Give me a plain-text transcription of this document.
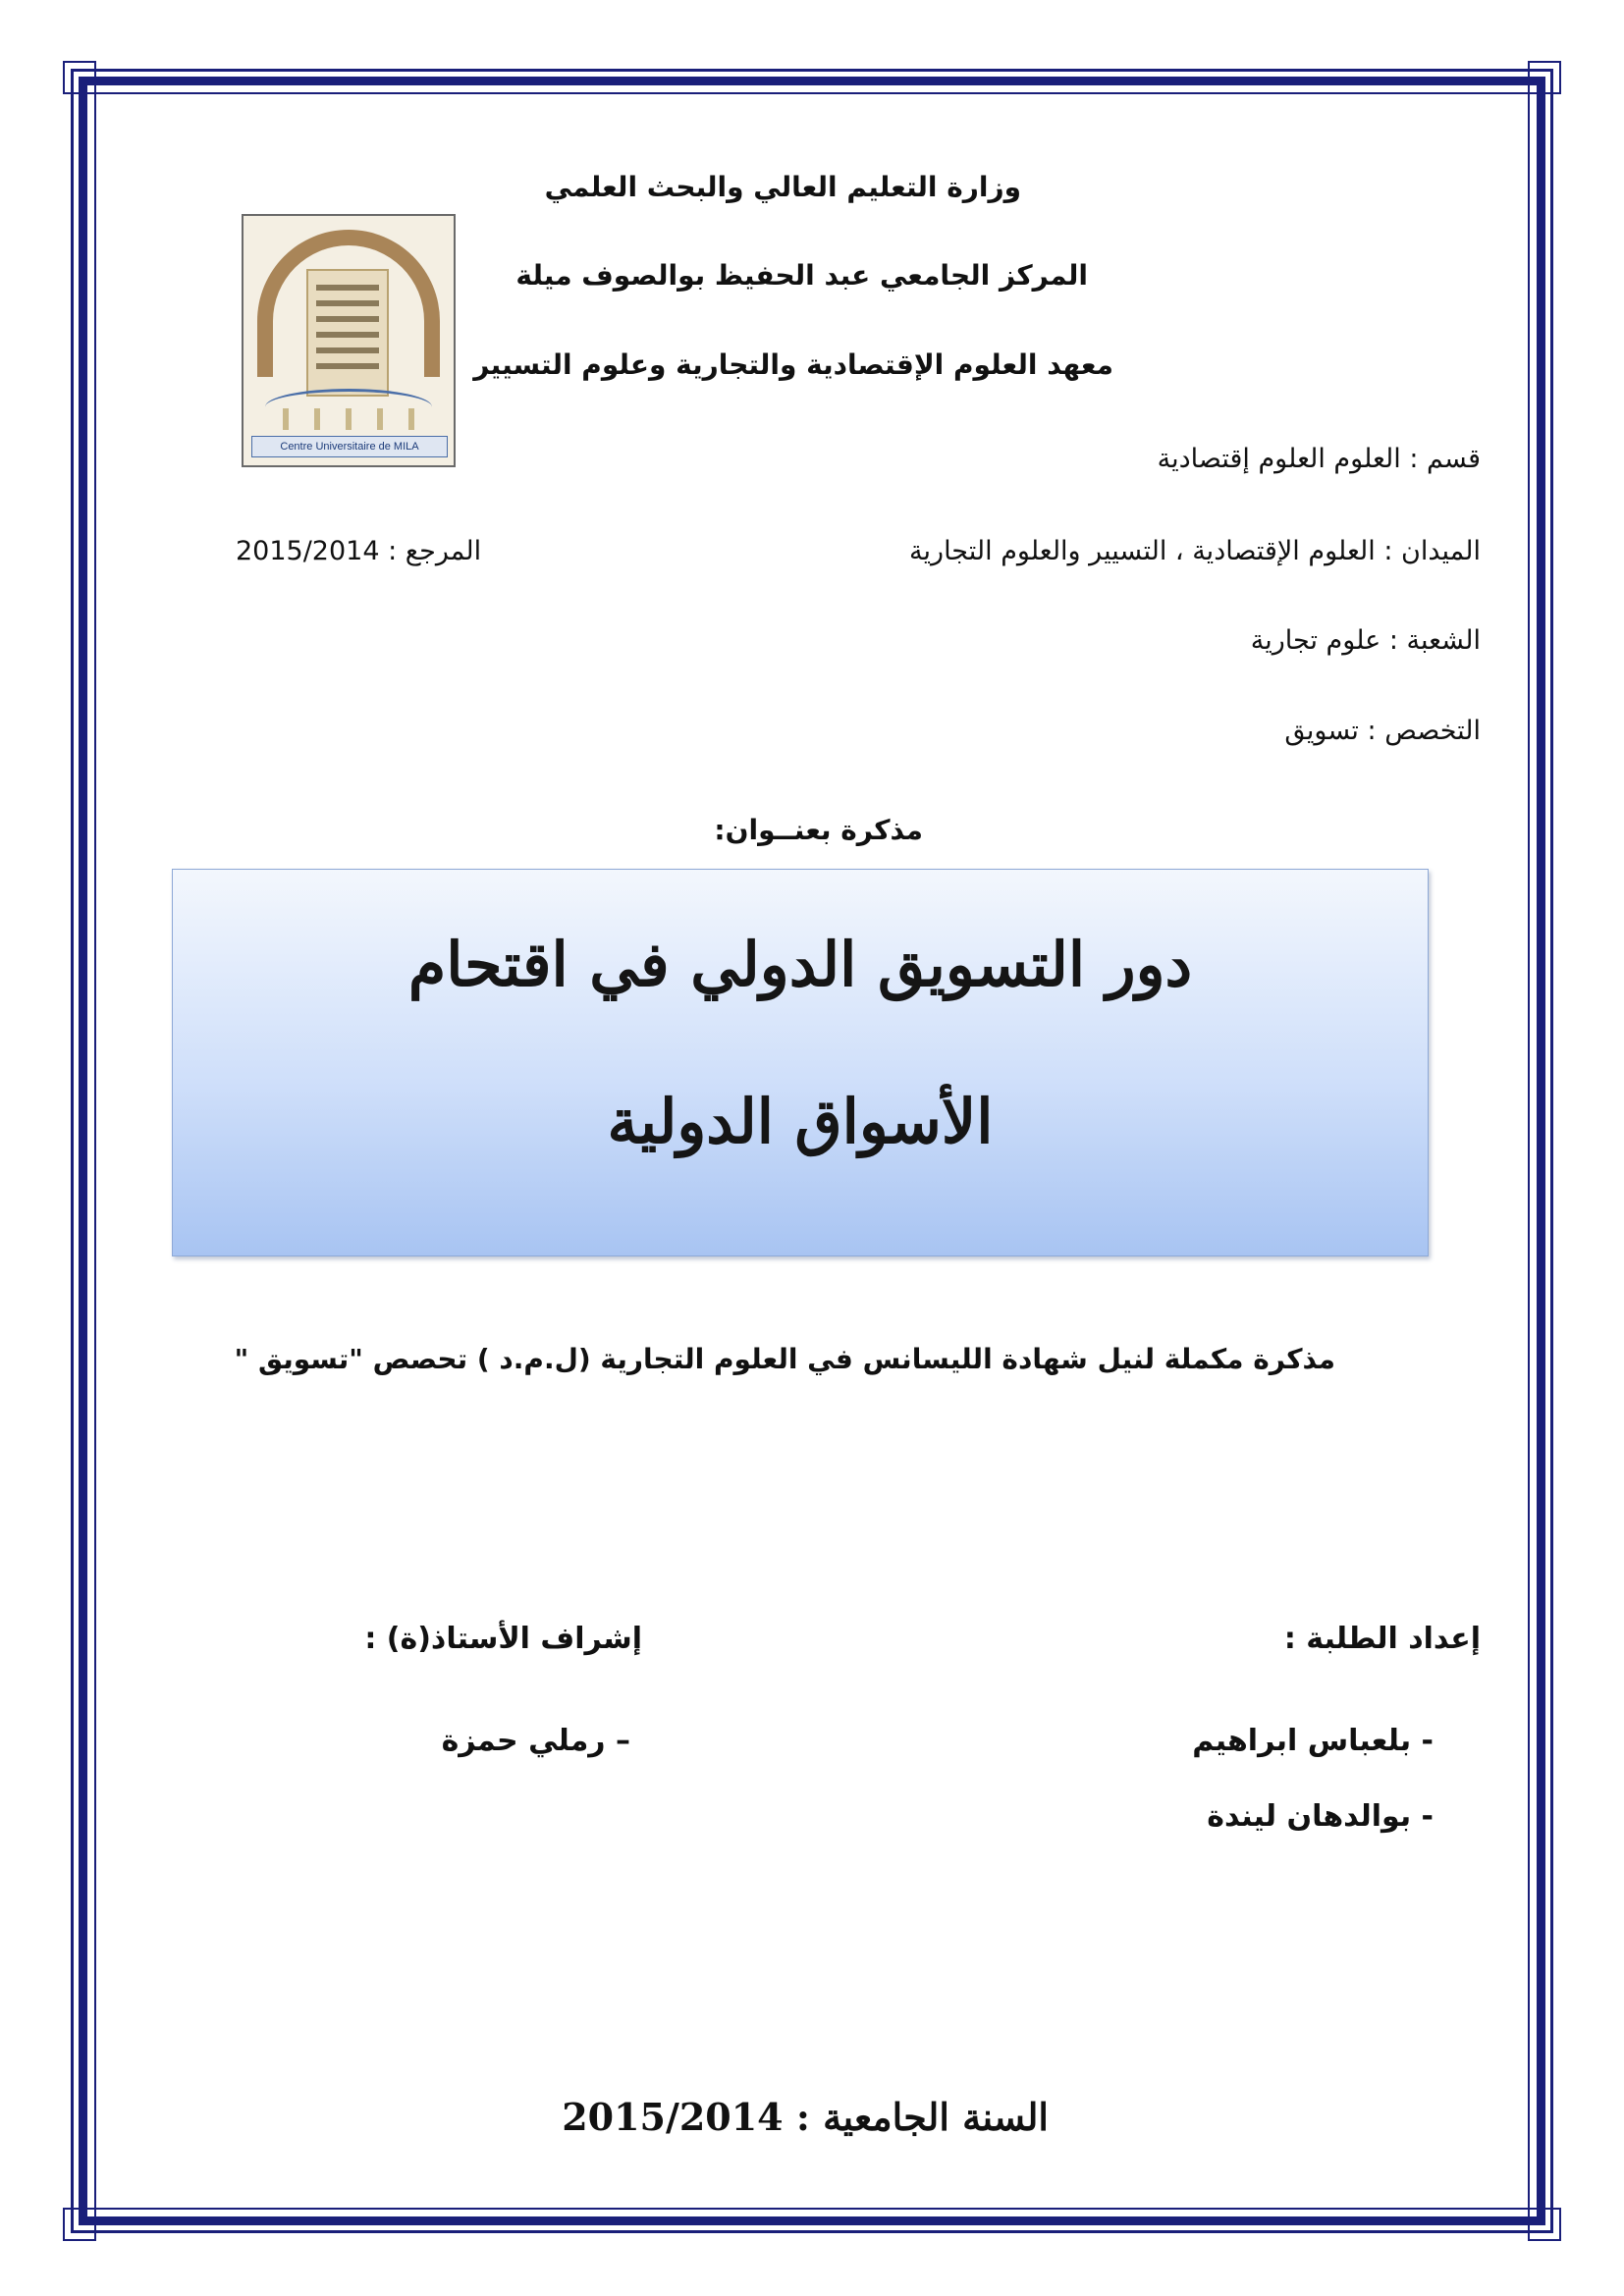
وزارة التعليم العالي والبحث العلمي
المركز الجامعي عبد الحفيظ بوالصوف ميلة
معهد العلوم الإقتصادية والتجارية وعلوم التسيير
Centre Universitaire de MILA	قسم : العلوم العلوم إقتصادية
الميدان : العلوم الإقتصادية ، التسيير والعلوم التجارية
المرجع : 2015/2014
الشعبة : علوم تجارية
التخصص : تسويق
مذكرة بعنــوان:
دور التسويق الدولي في اقتحام
الأسواق الدولية
مذكرة مكملة لنيل شهادة الليسانس في العلوم التجارية (ل.م.د ) تحصص "تسويق "
إعداد الطلبة :
إشراف الأستاذ(ة) :
- بلعباس ابراهيم
- بوالدهان ليندة
– رملي حمزة
السنة الجامعية : 2015/2014
